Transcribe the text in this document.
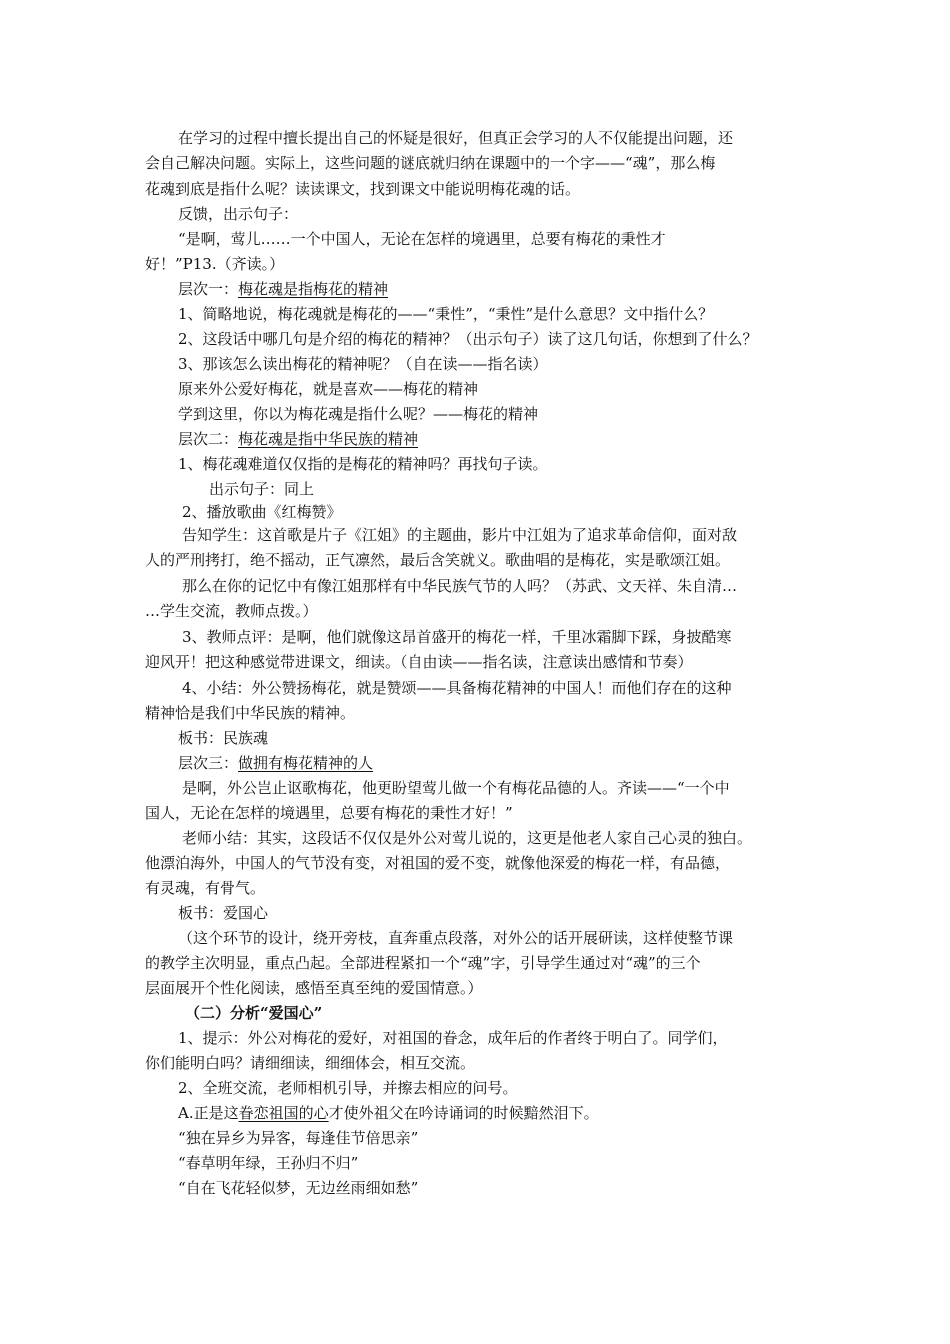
在学习的过程中擅长提出自己的怀疑是很好，但真正会学习的人不仅能提出问题，还
会自己解决问题。实际上，这些问题的谜底就归纳在课题中的一个字——“魂”，那么梅
花魂到底是指什么呢？读读课文，找到课文中能说明梅花魂的话。
反馈，出示句子：
“是啊，莺儿……一个中国人，无论在怎样的境遇里，总要有梅花的秉性才
好！”P13.（齐读。）
层次一：梅花魂是指梅花的精神
1、简略地说，梅花魂就是梅花的——“秉性”，“秉性”是什么意思？文中指什么？
2、这段话中哪几句是介绍的梅花的精神？（出示句子）读了这几句话，你想到了什么？
3、那该怎么读出梅花的精神呢？（自在读——指名读）
原来外公爱好梅花，就是喜欢——梅花的精神
学到这里，你以为梅花魂是指什么呢？——梅花的精神
层次二：梅花魂是指中华民族的精神
1、梅花魂难道仅仅指的是梅花的精神吗？再找句子读。
出示句子：同上
2、播放歌曲《红梅赞》
告知学生：这首歌是片子《江姐》的主题曲，影片中江姐为了追求革命信仰，面对敌
人的严刑拷打，绝不摇动，正气凛然，最后含笑就义。歌曲唱的是梅花，实是歌颂江姐。
那么在你的记忆中有像江姐那样有中华民族气节的人吗？（苏武、文天祥、朱自清…
…学生交流，教师点拨。）
3、教师点评：是啊，他们就像这昂首盛开的梅花一样，千里冰霜脚下踩，身披酷寒
迎风开！把这种感觉带进课文，细读。（自由读——指名读，注意读出感情和节奏）
4、小结：外公赞扬梅花，就是赞颂——具备梅花精神的中国人！而他们存在的这种
精神恰是我们中华民族的精神。
板书：民族魂
层次三：做拥有梅花精神的人
是啊，外公岂止讴歌梅花，他更盼望莺儿做一个有梅花品德的人。齐读——“一个中
国人，无论在怎样的境遇里，总要有梅花的秉性才好！”
老师小结：其实，这段话不仅仅是外公对莺儿说的，这更是他老人家自己心灵的独白。
他漂泊海外，中国人的气节没有变，对祖国的爱不变，就像他深爱的梅花一样，有品德，
有灵魂，有骨气。
板书：爱国心
（这个环节的设计，绕开旁枝，直奔重点段落，对外公的话开展研读，这样使整节课
的教学主次明显，重点凸起。全部进程紧扣一个“魂”字，引导学生通过对“魂”的三个
层面展开个性化阅读，感悟至真至纯的爱国情意。）
（二）分析“爱国心”
1、提示：外公对梅花的爱好，对祖国的眷念，成年后的作者终于明白了。同学们，
你们能明白吗？请细细读，细细体会，相互交流。
2、全班交流，老师相机引导，并擦去相应的问号。
A.正是这眷恋祖国的心才使外祖父在吟诗诵词的时候黯然泪下。
“独在异乡为异客，每逢佳节倍思亲”
“春草明年绿，王孙归不归”
“自在飞花轻似梦，无边丝雨细如愁”
